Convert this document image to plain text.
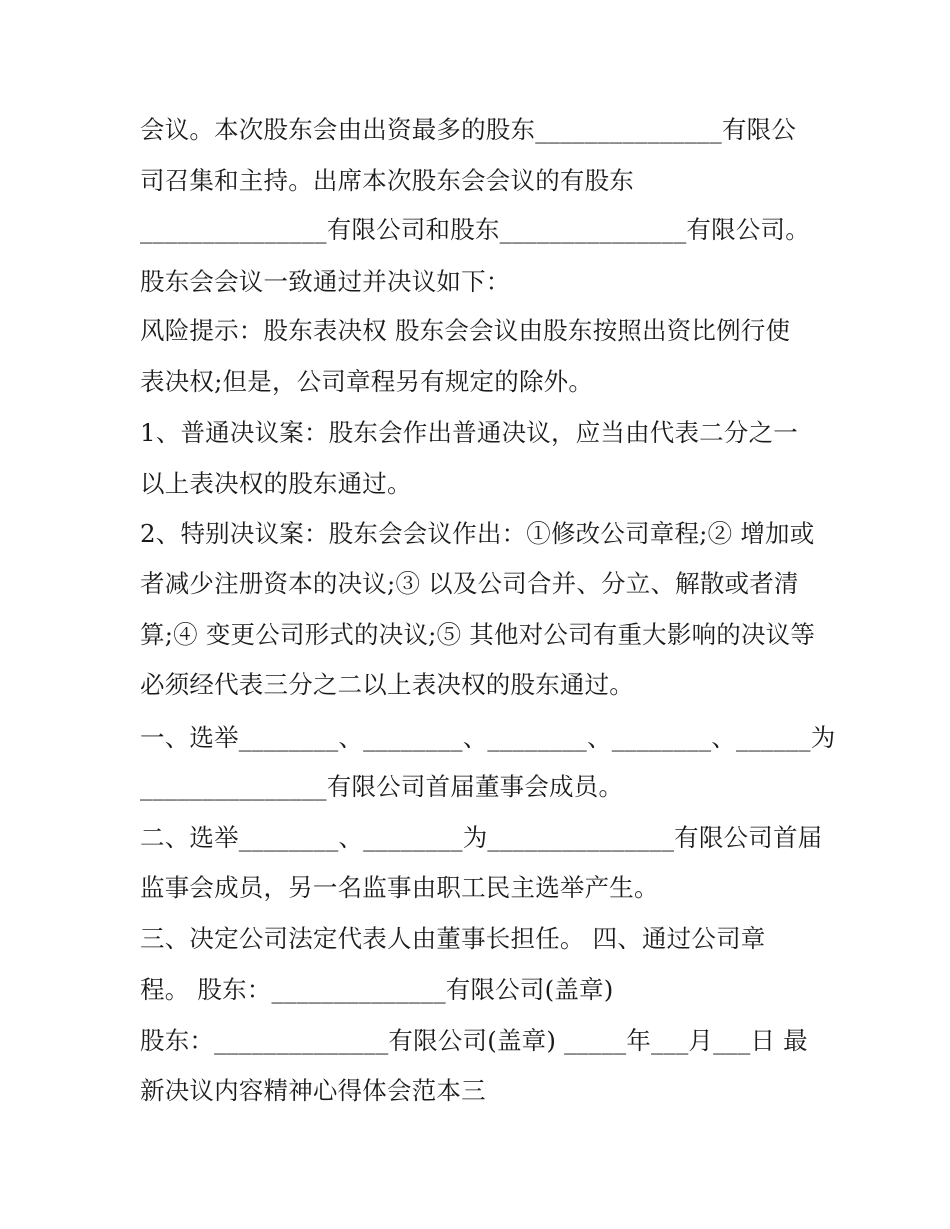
会议。本次股东会由出资最多的股东_______________有限公
司召集和主持。出席本次股东会会议的有股东
_______________有限公司和股东_______________有限公司。
股东会会议一致通过并决议如下：
风险提示：股东表决权 股东会会议由股东按照出资比例行使
表决权;但是，公司章程另有规定的除外。
1、普通决议案：股东会作出普通决议，应当由代表二分之一
以上表决权的股东通过。
2、特别决议案：股东会会议作出：①修改公司章程;② 增加或
者减少注册资本的决议;③ 以及公司合并、分立、解散或者清
算;④ 变更公司形式的决议;⑤ 其他对公司有重大影响的决议等
必须经代表三分之二以上表决权的股东通过。
一、选举________、________、________、________、______为
_______________有限公司首届董事会成员。
二、选举________、________为_______________有限公司首届
监事会成员，另一名监事由职工民主选举产生。
三、决定公司法定代表人由董事长担任。 四、通过公司章
程。 股东：______________有限公司(盖章)
股东：______________有限公司(盖章) _____年___月___日 最
新决议内容精神心得体会范本三
